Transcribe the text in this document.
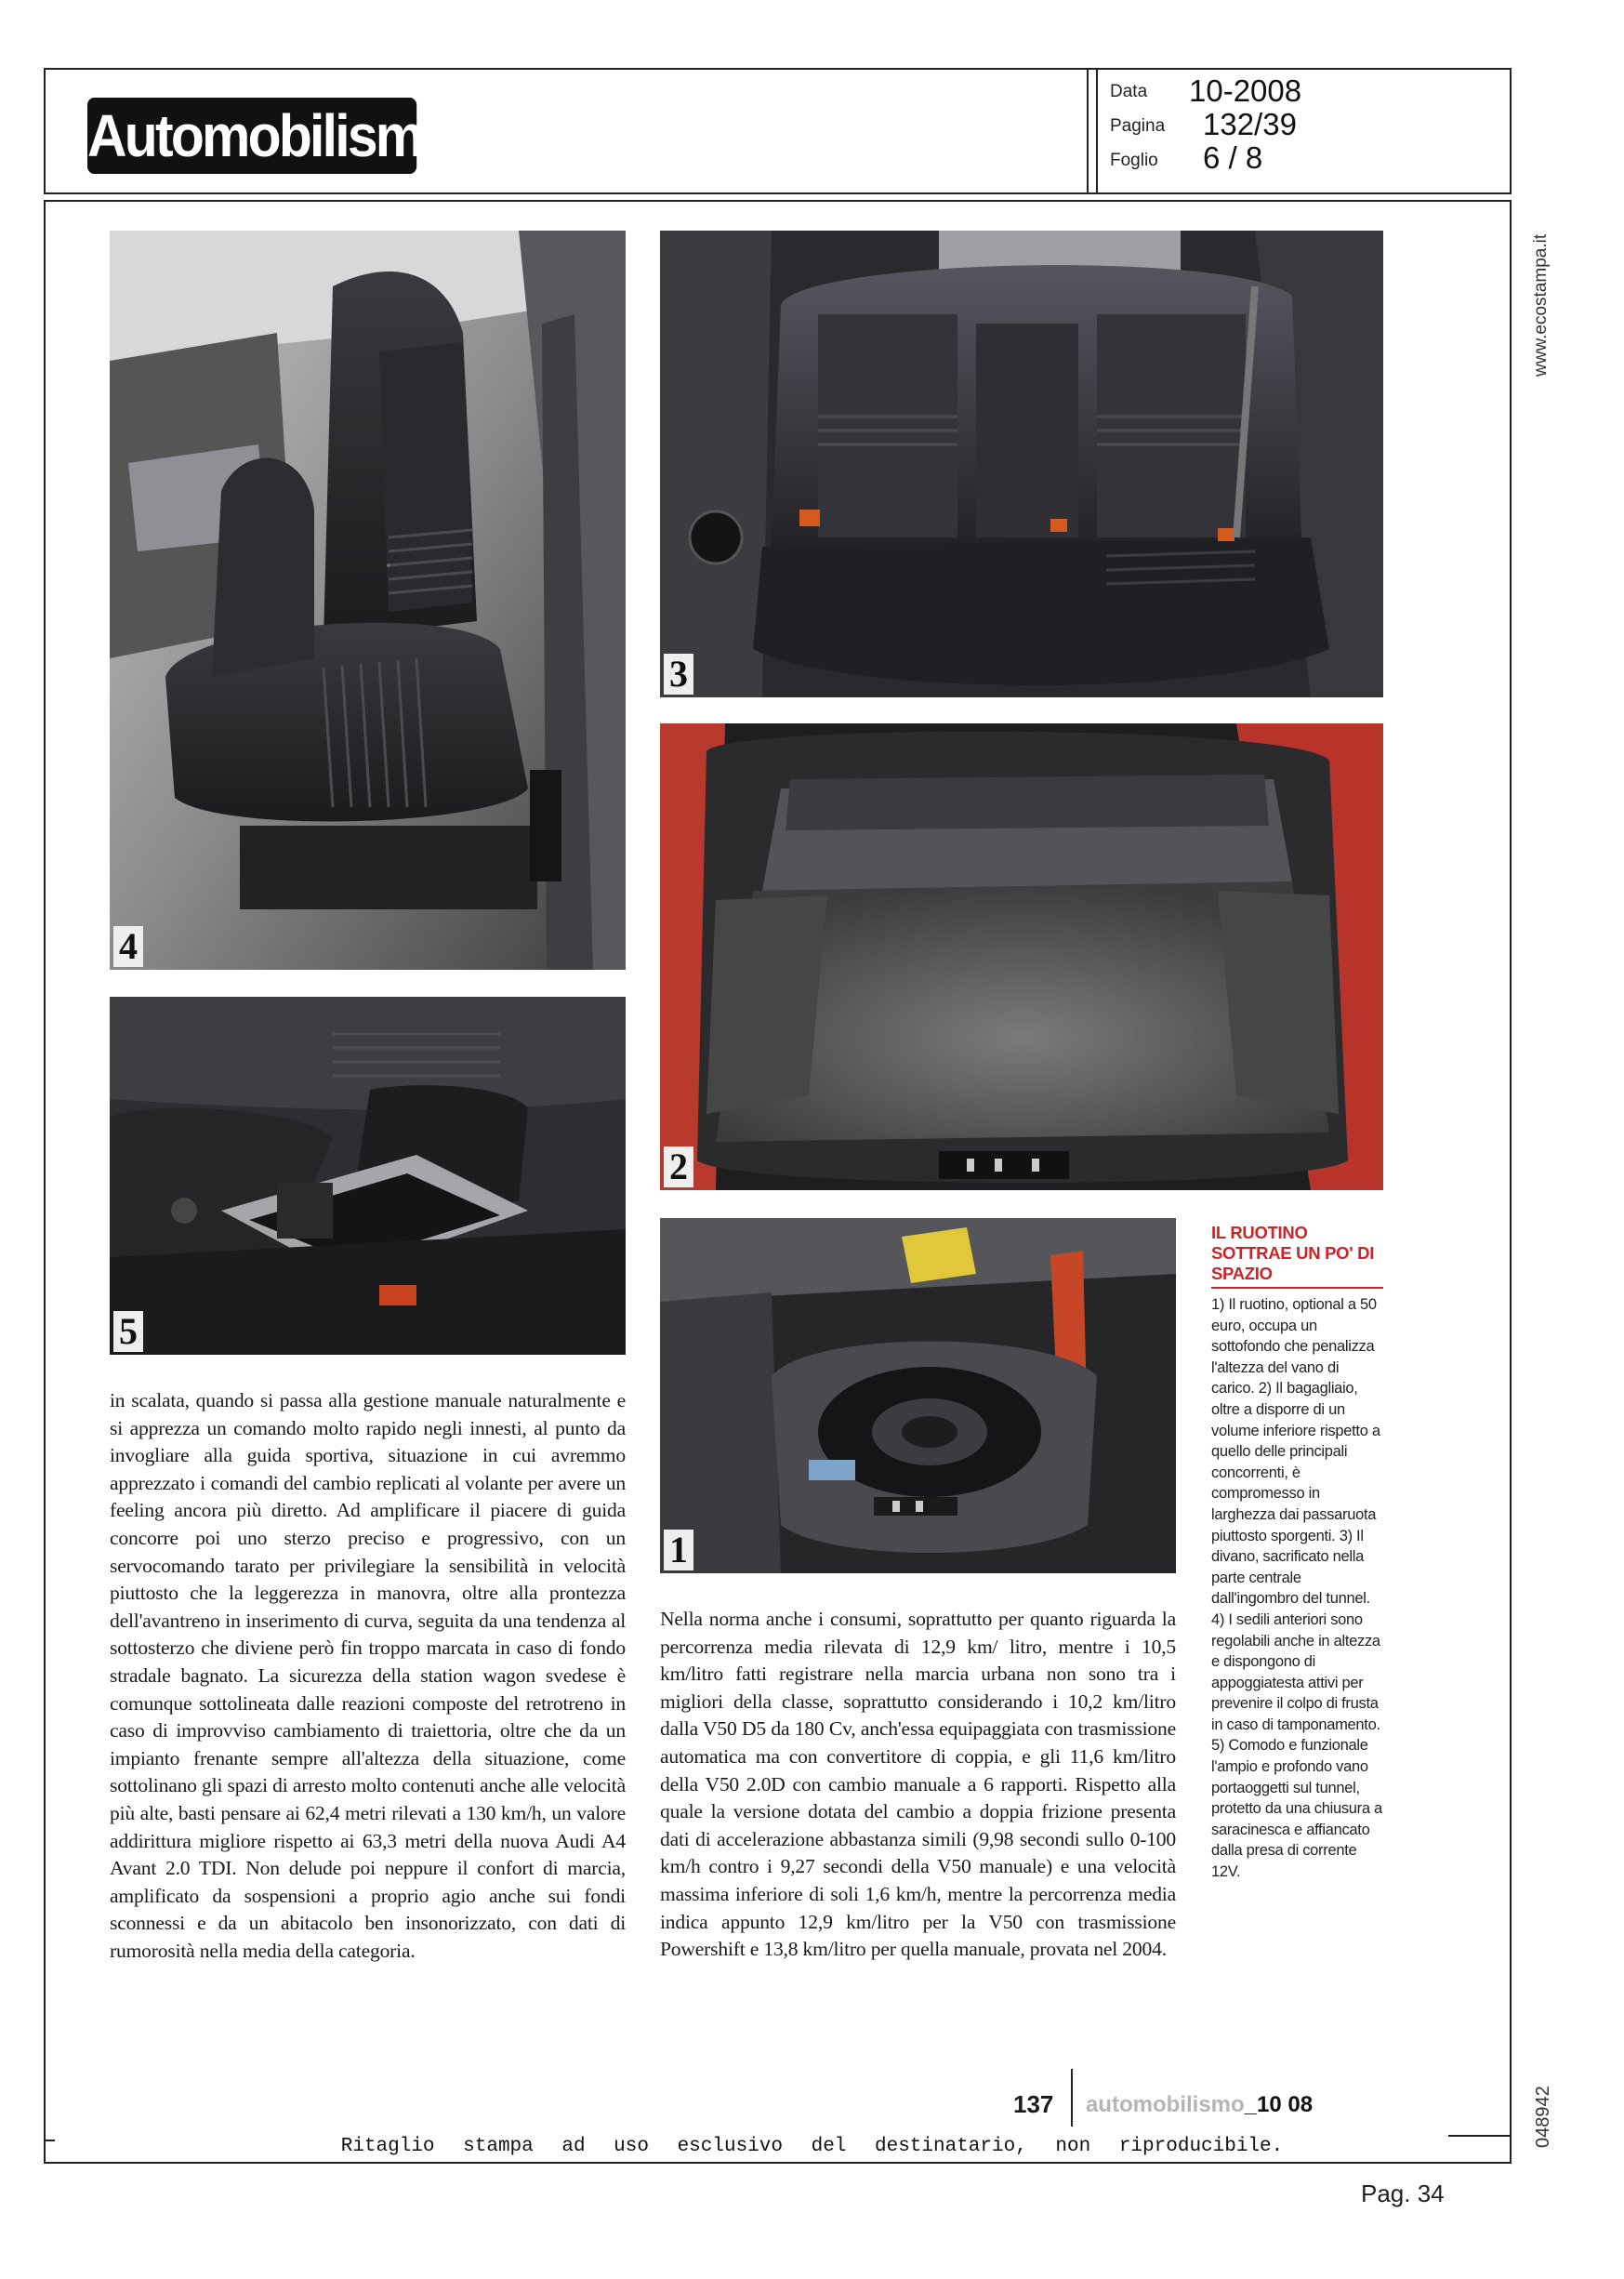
Automobilismo
Data 10-2008
Pagina 132/39
Foglio 6 / 8
www.ecostampa.it
048942
4
3
2
5
1

in scalata, quando si passa alla gestione manuale naturalmente e si apprezza un comando molto rapido negli innesti, al punto da invogliare alla guida sportiva, situazione in cui avremmo apprezzato i comandi del cambio replicati al volante per avere un feeling ancora più diretto. Ad amplificare il piacere di guida concorre poi uno sterzo preciso e progressivo, con un servocomando tarato per privilegiare la sensibilità in velocità piuttosto che la leggerezza in manovra, oltre alla prontezza dell'avantreno in inserimento di curva, seguita da una tendenza al sottosterzo che diviene però fin troppo marcata in caso di fondo stradale bagnato. La sicurezza della station wagon svedese è comunque sottolineata dalle reazioni composte del retrotreno in caso di improvviso cambiamento di traiettoria, oltre che da un impianto frenante sempre all'altezza della situazione, come sottolinano gli spazi di arresto molto contenuti anche alle velocità più alte, basti pensare ai 62,4 metri rilevati a 130 km/h, un valore addirittura migliore rispetto ai 63,3 metri della nuova Audi A4 Avant 2.0 TDI. Non delude poi neppure il confort di marcia, amplificato da sospensioni a proprio agio anche sui fondi sconnessi e da un abitacolo ben insonorizzato, con dati di rumorosità nella media della categoria.

Nella norma anche i consumi, soprattutto per quanto riguarda la percorrenza media rilevata di 12,9 km/ litro, mentre i 10,5 km/litro fatti registrare nella marcia urbana non sono tra i migliori della classe, soprattutto considerando i 10,2 km/litro dalla V50 D5 da 180 Cv, anch'essa equipaggiata con trasmissione automatica ma con convertitore di coppia, e gli 11,6 km/litro della V50 2.0D con cambio manuale a 6 rapporti. Rispetto alla quale la versione dotata del cambio a doppia frizione presenta dati di accelerazione abbastanza simili (9,98 secondi sullo 0-100 km/h contro i 9,27 secondi della V50 manuale) e una velocità massima inferiore di soli 1,6 km/h, mentre la percorrenza media indica appunto 12,9 km/litro per la V50 con trasmissione Powershift e 13,8 km/litro per quella manuale, provata nel 2004.

IL RUOTINO SOTTRAE UN PO' DI SPAZIO
1) Il ruotino, optional a 50 euro, occupa un sottofondo che penalizza l'altezza del vano di carico. 2) Il bagagliaio, oltre a disporre di un volume inferiore rispetto a quello delle principali concorrenti, è compromesso in larghezza dai passaruota piuttosto sporgenti. 3) Il divano, sacrificato nella parte centrale dall'ingombro del tunnel. 4) I sedili anteriori sono regolabili anche in altezza e dispongono di appoggiatesta attivi per prevenire il colpo di frusta in caso di tamponamento. 5) Comodo e funzionale l'ampio e profondo vano portaoggetti sul tunnel, protetto da una chiusura a saracinesca e affiancato dalla presa di corrente 12V.
137 automobilismo_10 08
Ritaglio stampa ad uso esclusivo del destinatario, non riproducibile.
Pag. 34
